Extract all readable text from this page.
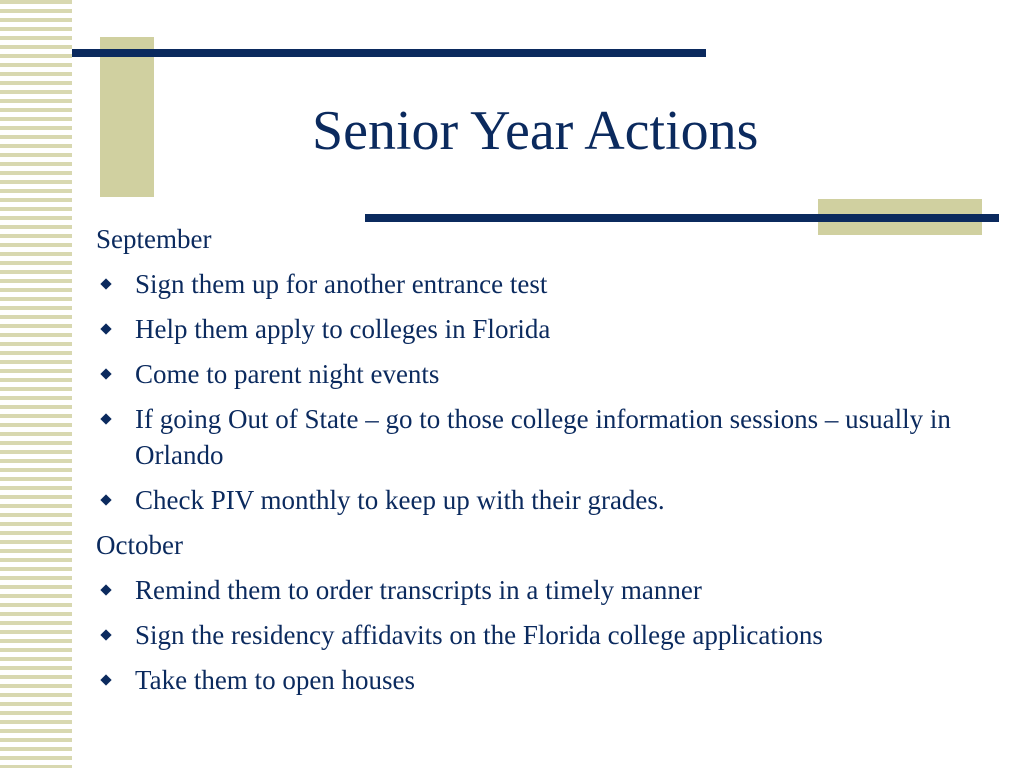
Senior Year Actions
September
Sign them up for another entrance test
Help them apply to colleges in Florida
Come to parent night events
If going Out of State – go to those college information sessions – usually in Orlando
Check PIV monthly to keep up with their grades.
October
Remind them to order transcripts in a timely manner
Sign the residency affidavits on the Florida college applications
Take them to open houses
